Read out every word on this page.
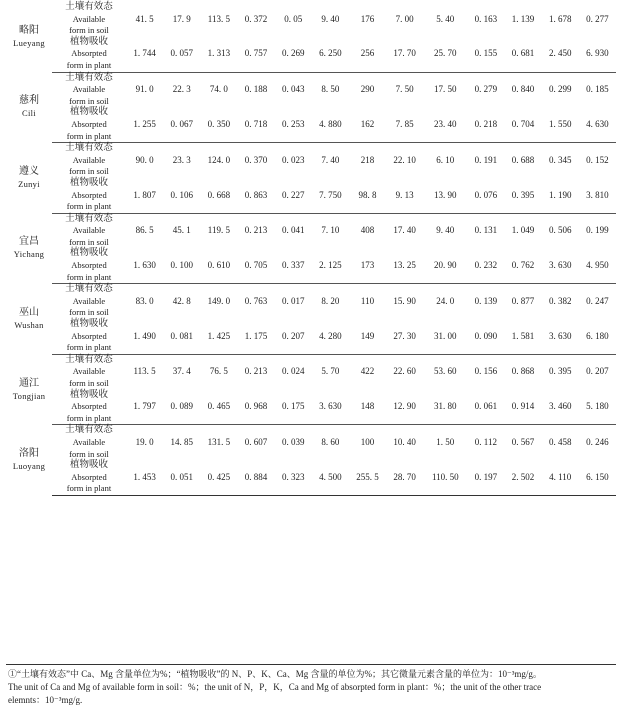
略阳
Lueyang	土壤有效态
Available
form in soil	41. 5	17. 9	113. 5	0. 372	0. 05	9. 40	176	7. 00	5. 40	0. 163	1. 139	1. 678	0. 277

	植物吸收
Absorpted
form in plant	1. 744	0. 057	1. 313	0. 757	0. 269	6. 250	256	17. 70	25. 70	0. 155	0. 681	2. 450	6. 930

慈利
Cili	土壤有效态
Available
form in soil	91. 0	22. 3	74. 0	0. 188	0. 043	8. 50	290	7. 50	17. 50	0. 279	0. 840	0. 299	0. 185

	植物吸收
Absorpted
form in plant	1. 255	0. 067	0. 350	0. 718	0. 253	4. 880	162	7. 85	23. 40	0. 218	0. 704	1. 550	4. 630

遵义
Zunyi	土壤有效态
Available
form in soil	90. 0	23. 3	124. 0	0. 370	0. 023	7. 40	218	22. 10	6. 10	0. 191	0. 688	0. 345	0. 152

	植物吸收
Absorpted
form in plant	1. 807	0. 106	0. 668	0. 863	0. 227	7. 750	98. 8	9. 13	13. 90	0. 076	0. 395	1. 190	3. 810

宜昌
Yichang	土壤有效态
Available
form in soil	86. 5	45. 1	119. 5	0. 213	0. 041	7. 10	408	17. 40	9. 40	0. 131	1. 049	0. 506	0. 199

	植物吸收
Absorpted
form in plant	1. 630	0. 100	0. 610	0. 705	0. 337	2. 125	173	13. 25	20. 90	0. 232	0. 762	3. 630	4. 950

巫山
Wushan	土壤有效态
Available
form in soil	83. 0	42. 8	149. 0	0. 763	0. 017	8. 20	110	15. 90	24. 0	0. 139	0. 877	0. 382	0. 247

	植物吸收
Absorpted
form in plant	1. 490	0. 081	1. 425	1. 175	0. 207	4. 280	149	27. 30	31. 00	0. 090	1. 581	3. 630	6. 180

通江
Tongjian	土壤有效态
Available
form in soil	113. 5	37. 4	76. 5	0. 213	0. 024	5. 70	422	22. 60	53. 60	0. 156	0. 868	0. 395	0. 207

	植物吸收
Absorpted
form in plant	1. 797	0. 089	0. 465	0. 968	0. 175	3. 630	148	12. 90	31. 80	0. 061	0. 914	3. 460	5. 180

洛阳
Luoyang	土壤有效态
Available
form in soil	19. 0	14. 85	131. 5	0. 607	0. 039	8. 60	100	10. 40	1. 50	0. 112	0. 567	0. 458	0. 246

	植物吸收
Absorpted
form in plant	1. 453	0. 051	0. 425	0. 884	0. 323	4. 500	255. 5	28. 70	110. 50	0. 197	2. 502	4. 110	6. 150
①“土壤有效态”中 Ca、Mg 含量单位为%；“植物吸收”的 N、P、K、Ca、Mg 含量的单位为%；其它微量元素含量的单位为：10⁻³mg/g。
The unit of Ca and Mg of available form in soil：%；the unit of N，P，K，Ca and Mg of absorpted form in plant：%；the unit of the other trace
elemnts：10⁻³mg/g.
